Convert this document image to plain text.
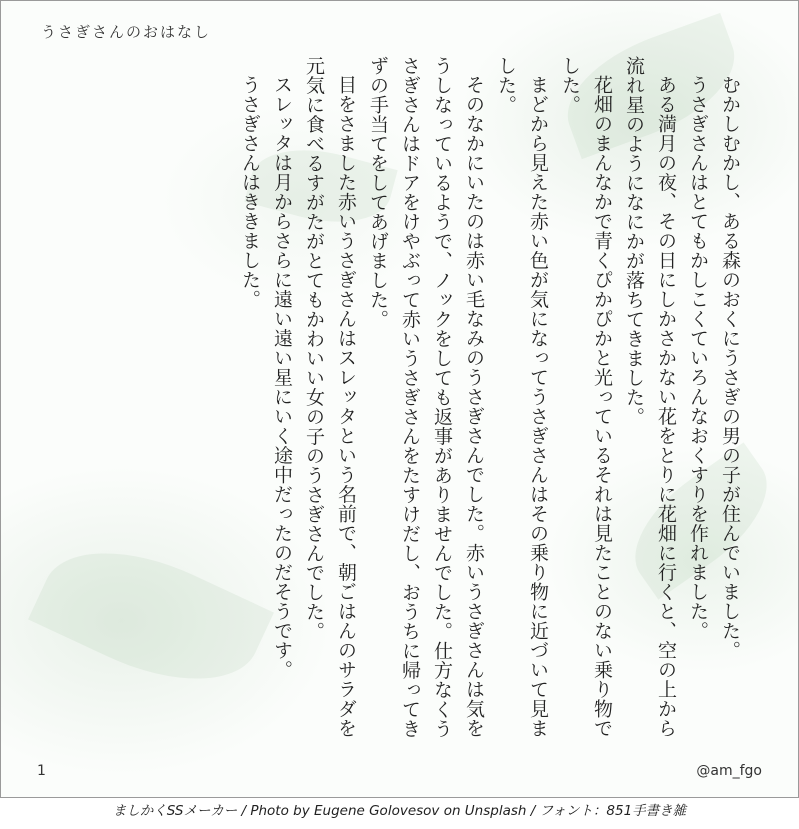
うさぎさんのおはなし

むかしむかし、ある森のおくにうさぎの男の子が住んでいました。

うさぎさんはとてもかしこくていろんなおくすりを作れました。

ある満月の夜、その日にしかさかない花をとりに花畑に行くと、空の上から流れ星のようになにかが落ちてきました。

花畑のまんなかで青くぴかぴかと光っているそれは見たことのない乗り物でした。

まどから見えた赤い色が気になってうさぎさんはその乗り物に近づいて見ました。

そのなかにいたのは赤い毛なみのうさぎさんでした。赤いうさぎさんは気をうしなっているようで、ノックをしても返事がありませんでした。仕方なくうさぎさんはドアをけやぶって赤いうさぎさんをたすけだし、おうちに帰ってきずの手当てをしてあげました。

目をさました赤いうさぎさんはスレッタという名前で、朝ごはんのサラダを元気に食べるすがたがとてもかわいい女の子のうさぎさんでした。

スレッタは月からさらに遠い遠い星にいく途中だったのだそうです。

うさぎさんはききました。

1	@am_fgo
ましかくSSメーカー / Photo by Eugene Golovesov on Unsplash / フォント：851手書き雑
